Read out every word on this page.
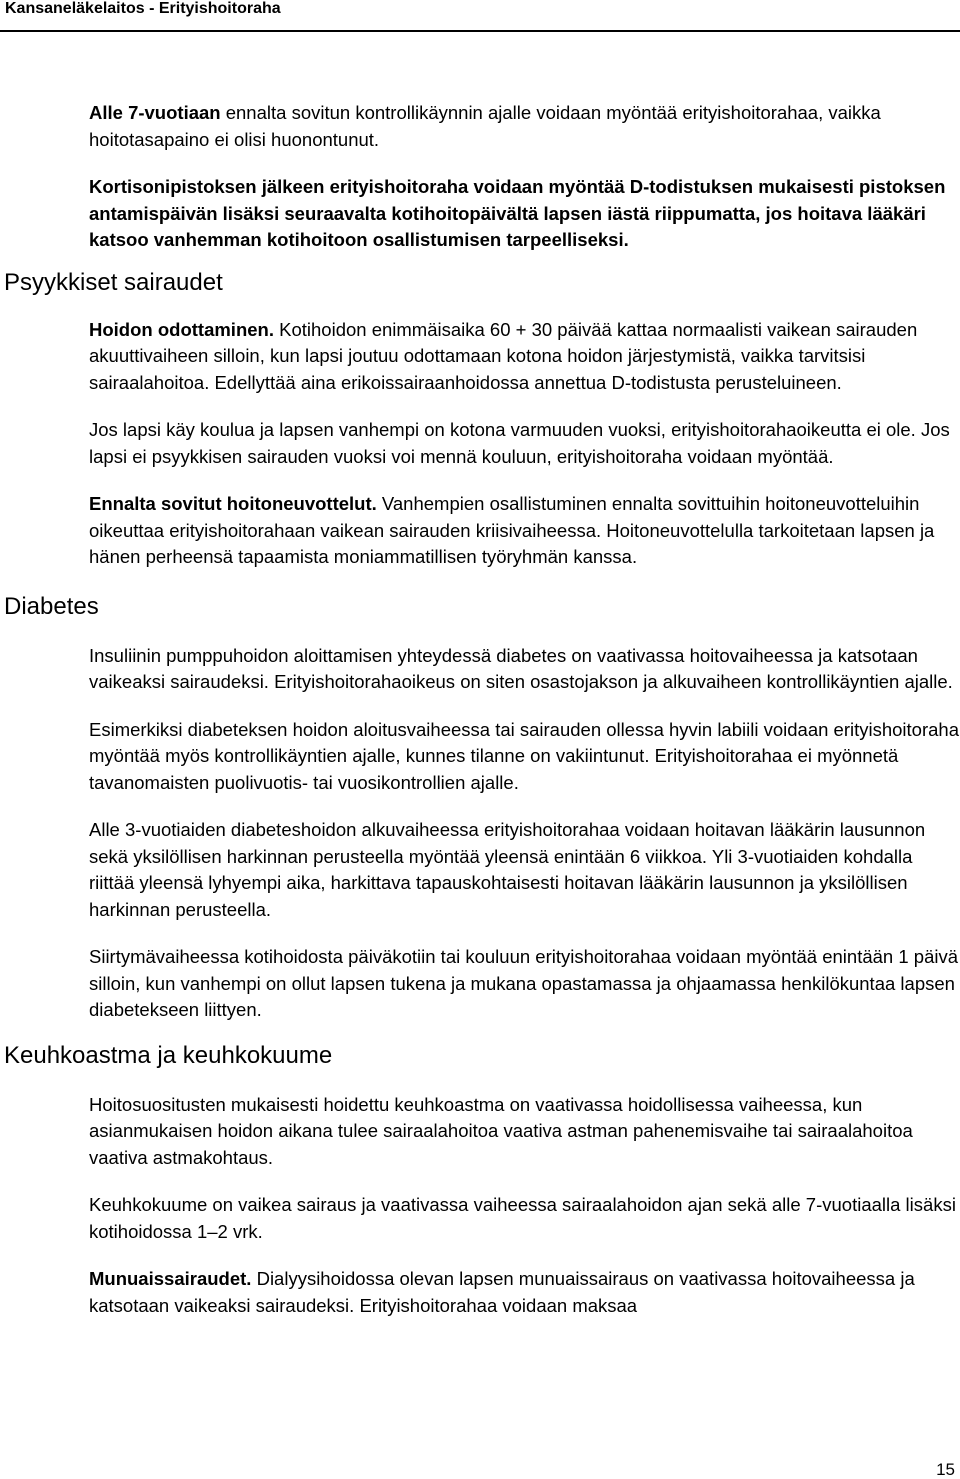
Kansaneläkelaitos - Erityishoitoraha

Alle 7-vuotiaan ennalta sovitun kontrollikäynnin ajalle voidaan myöntää erityishoitorahaa, vaikka hoitotasapaino ei olisi huonontunut.

Kortisonipistoksen jälkeen erityishoitoraha voidaan myöntää D-todistuksen mukaisesti pistoksen antamispäivän lisäksi seuraavalta kotihoitopäivältä lapsen iästä riippumatta, jos hoitava lääkäri katsoo vanhemman kotihoitoon osallistumisen tarpeelliseksi.

Psyykkiset sairaudet

Hoidon odottaminen. Kotihoidon enimmäisaika 60 + 30 päivää kattaa normaalisti vaikean sairauden akuuttivaiheen silloin, kun lapsi joutuu odottamaan kotona hoidon järjestymistä, vaikka tarvitsisi sairaalahoitoa. Edellyttää aina erikoissairaanhoidossa annettua D-todistusta perusteluineen.

Jos lapsi käy koulua ja lapsen vanhempi on kotona varmuuden vuoksi, erityishoitorahaoikeutta ei ole. Jos lapsi ei psyykkisen sairauden vuoksi voi mennä kouluun, erityishoitoraha voidaan myöntää.

Ennalta sovitut hoitoneuvottelut. Vanhempien osallistuminen ennalta sovittuihin hoitoneuvotteluihin oikeuttaa erityishoitorahaan vaikean sairauden kriisivaiheessa. Hoitoneuvottelulla tarkoitetaan lapsen ja hänen perheensä tapaamista moniammatillisen työryhmän kanssa.

Diabetes

Insuliinin pumppuhoidon aloittamisen yhteydessä diabetes on vaativassa hoitovaiheessa ja katsotaan vaikeaksi sairaudeksi. Erityishoitorahaoikeus on siten osastojakson ja alkuvaiheen kontrollikäyntien ajalle.

Esimerkiksi diabeteksen hoidon aloitusvaiheessa tai sairauden ollessa hyvin labiili voidaan erityishoitoraha myöntää myös kontrollikäyntien ajalle, kunnes tilanne on vakiintunut. Erityishoitorahaa ei myönnetä tavanomaisten puolivuotis- tai vuosikontrollien ajalle.

Alle 3-vuotiaiden diabeteshoidon alkuvaiheessa erityishoitorahaa voidaan hoitavan lääkärin lausunnon sekä yksilöllisen harkinnan perusteella myöntää yleensä enintään 6 viikkoa. Yli 3-vuotiaiden kohdalla riittää yleensä lyhyempi aika, harkittava tapauskohtaisesti hoitavan lääkärin lausunnon ja yksilöllisen harkinnan perusteella.

Siirtymävaiheessa kotihoidosta päiväkotiin tai kouluun erityishoitorahaa voidaan myöntää enintään 1 päivä silloin, kun vanhempi on ollut lapsen tukena ja mukana opastamassa ja ohjaamassa henkilökuntaa lapsen diabetekseen liittyen.

Keuhkoastma ja keuhkokuume

Hoitosuositusten mukaisesti hoidettu keuhkoastma on vaativassa hoidollisessa vaiheessa, kun asianmukaisen hoidon aikana tulee sairaalahoitoa vaativa astman pahenemisvaihe tai sairaalahoitoa vaativa astmakohtaus.

Keuhkokuume on vaikea sairaus ja vaativassa vaiheessa sairaalahoidon ajan sekä alle 7-vuotiaalla lisäksi kotihoidossa 1–2 vrk.

Munuaissairaudet. Dialyysihoidossa olevan lapsen munuaissairaus on vaativassa hoitovaiheessa ja katsotaan vaikeaksi sairaudeksi. Erityishoitorahaa voidaan maksaa

15
